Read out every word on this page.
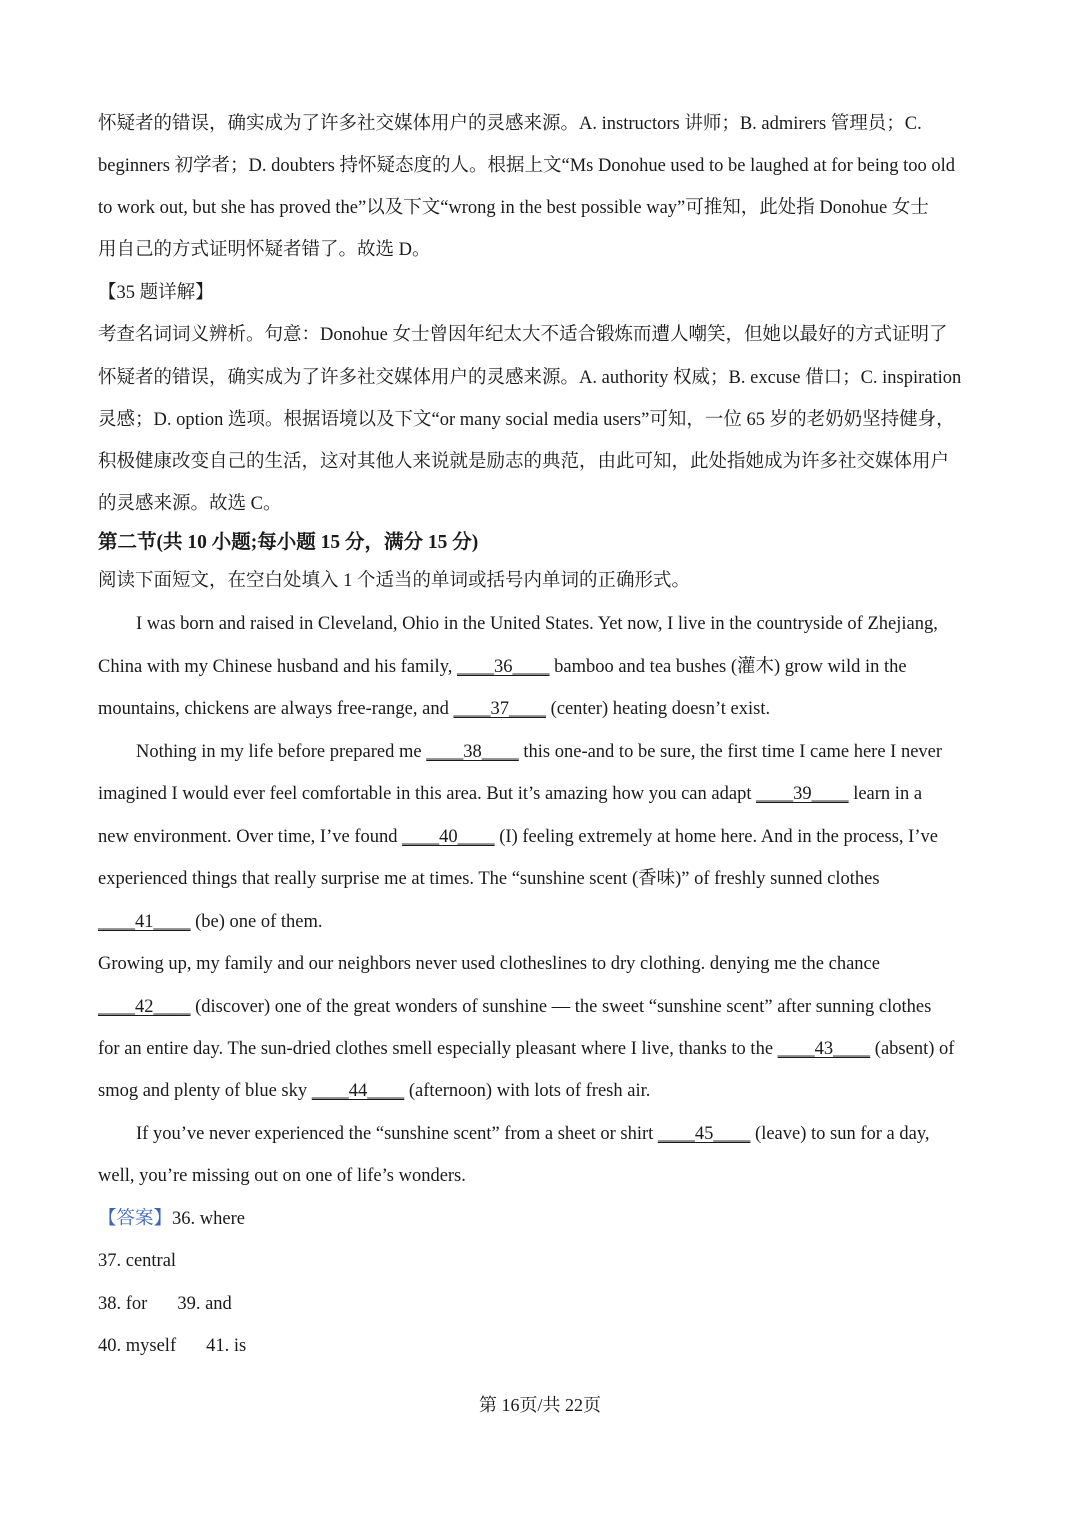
怀疑者的错误，确实成为了许多社交媒体用户的灵感来源。A. instructors 讲师；B. admirers 管理员；C.
beginners 初学者；D. doubters 持怀疑态度的人。根据上文“Ms Donohue used to be laughed at for being too old
to work out, but she has proved the”以及下文“wrong in the best possible way”可推知，此处指 Donohue 女士
用自己的方式证明怀疑者错了。故选 D。
【35 题详解】
考查名词词义辨析。句意：Donohue 女士曾因年纪太大不适合锻炼而遭人嘲笑，但她以最好的方式证明了
怀疑者的错误，确实成为了许多社交媒体用户的灵感来源。A. authority 权威；B. excuse 借口；C. inspiration
灵感；D. option 选项。根据语境以及下文“or many social media users”可知，一位 65 岁的老奶奶坚持健身，
积极健康改变自己的生活，这对其他人来说就是励志的典范，由此可知，此处指她成为许多社交媒体用户
的灵感来源。故选 C。
第二节(共 10 小题;每小题 15 分，满分 15 分)
阅读下面短文，在空白处填入 1 个适当的单词或括号内单词的正确形式。
I was born and raised in Cleveland, Ohio in the United States. Yet now, I live in the countryside of Zhejiang,
China with my Chinese husband and his family, ____36____ bamboo and tea bushes (灌木) grow wild in the
mountains, chickens are always free-range, and ____37____ (center) heating doesn’t exist.
Nothing in my life before prepared me ____38____ this one-and to be sure, the first time I came here I never
imagined I would ever feel comfortable in this area. But it’s amazing how you can adapt ____39____ learn in a
new environment. Over time, I’ve found ____40____ (I) feeling extremely at home here. And in the process, I’ve
experienced things that really surprise me at times. The “sunshine scent (香味)” of freshly sunned clothes
____41____ (be) one of them.
Growing up, my family and our neighbors never used clotheslines to dry clothing. denying me the chance
____42____ (discover) one of the great wonders of sunshine — the sweet “sunshine scent” after sunning clothes
for an entire day. The sun-dried clothes smell especially pleasant where I live, thanks to the ____43____ (absent) of
smog and plenty of blue sky ____44____ (afternoon) with lots of fresh air.
If you’ve never experienced the “sunshine scent” from a sheet or shirt ____45____ (leave) to sun for a day,
well, you’re missing out on one of life’s wonders.
【答案】36. where
37. central
38. for 39. and
40. myself 41. is
第 16页/共 22页
